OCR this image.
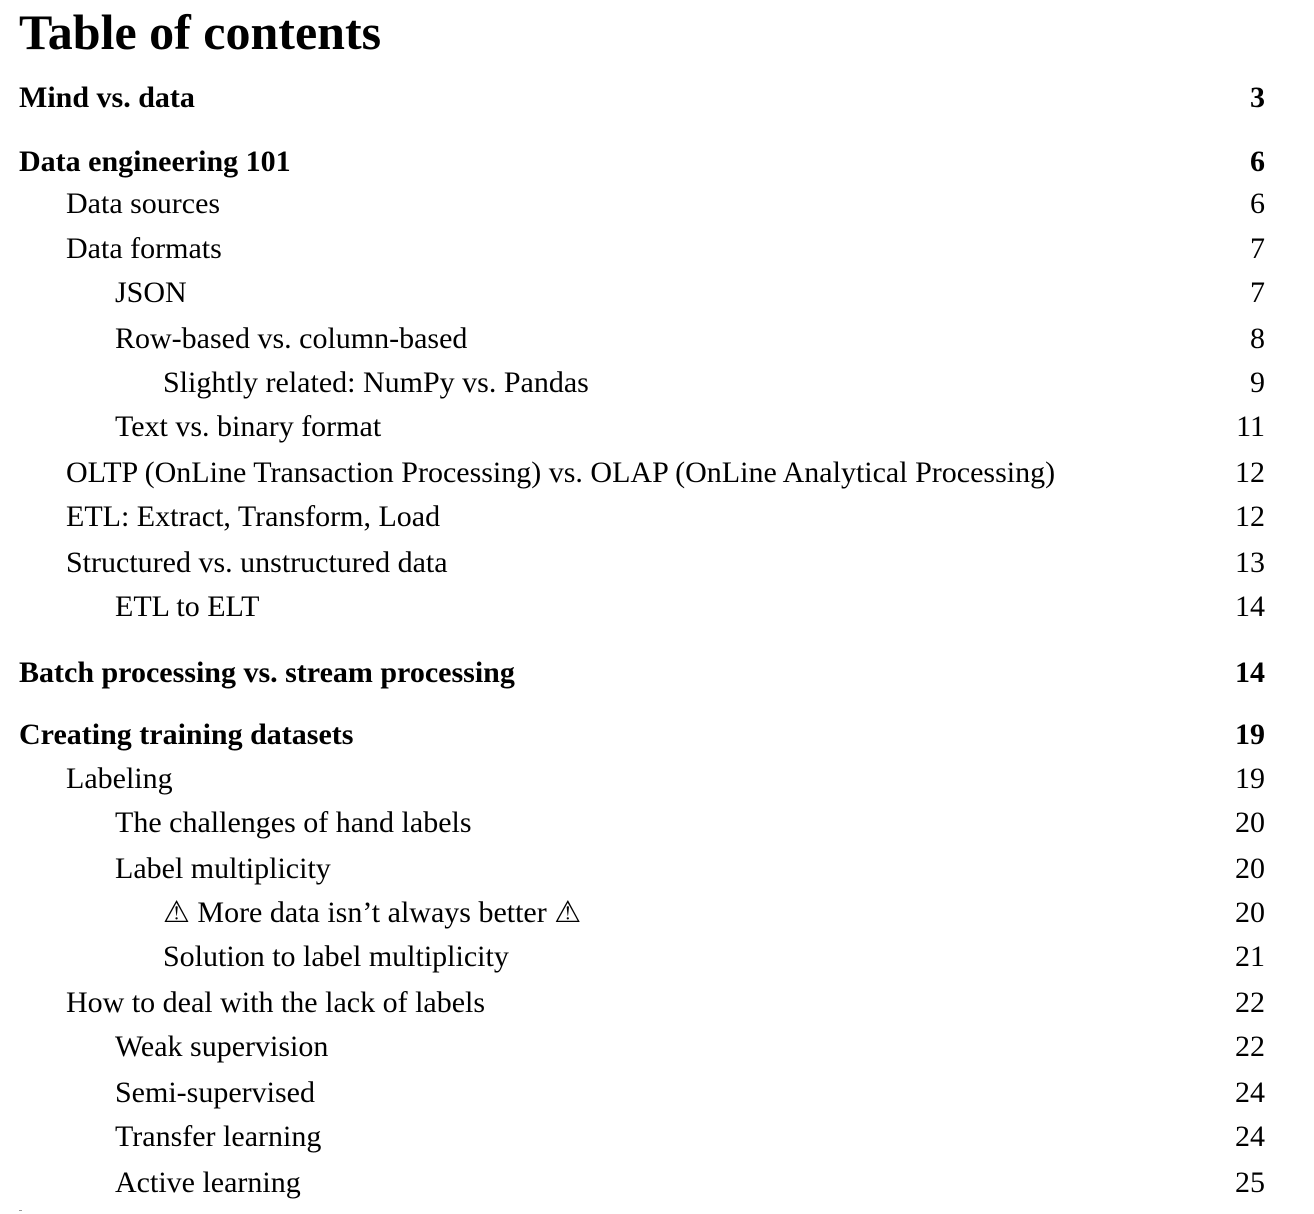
Table of contents
Mind vs. data	3
Data engineering 101	6
Data sources	6
Data formats	7
JSON	7
Row-based vs. column-based	8
Slightly related: NumPy vs. Pandas	9
Text vs. binary format	11
OLTP (OnLine Transaction Processing) vs. OLAP (OnLine Analytical Processing)	12
ETL: Extract, Transform, Load	12
Structured vs. unstructured data	13
ETL to ELT	14
Batch processing vs. stream processing	14
Creating training datasets	19
Labeling	19
The challenges of hand labels	20
Label multiplicity	20
⚠ More data isn’t always better ⚠	20
Solution to label multiplicity	21
How to deal with the lack of labels	22
Weak supervision	22
Semi-supervised	24
Transfer learning	24
Active learning	25
